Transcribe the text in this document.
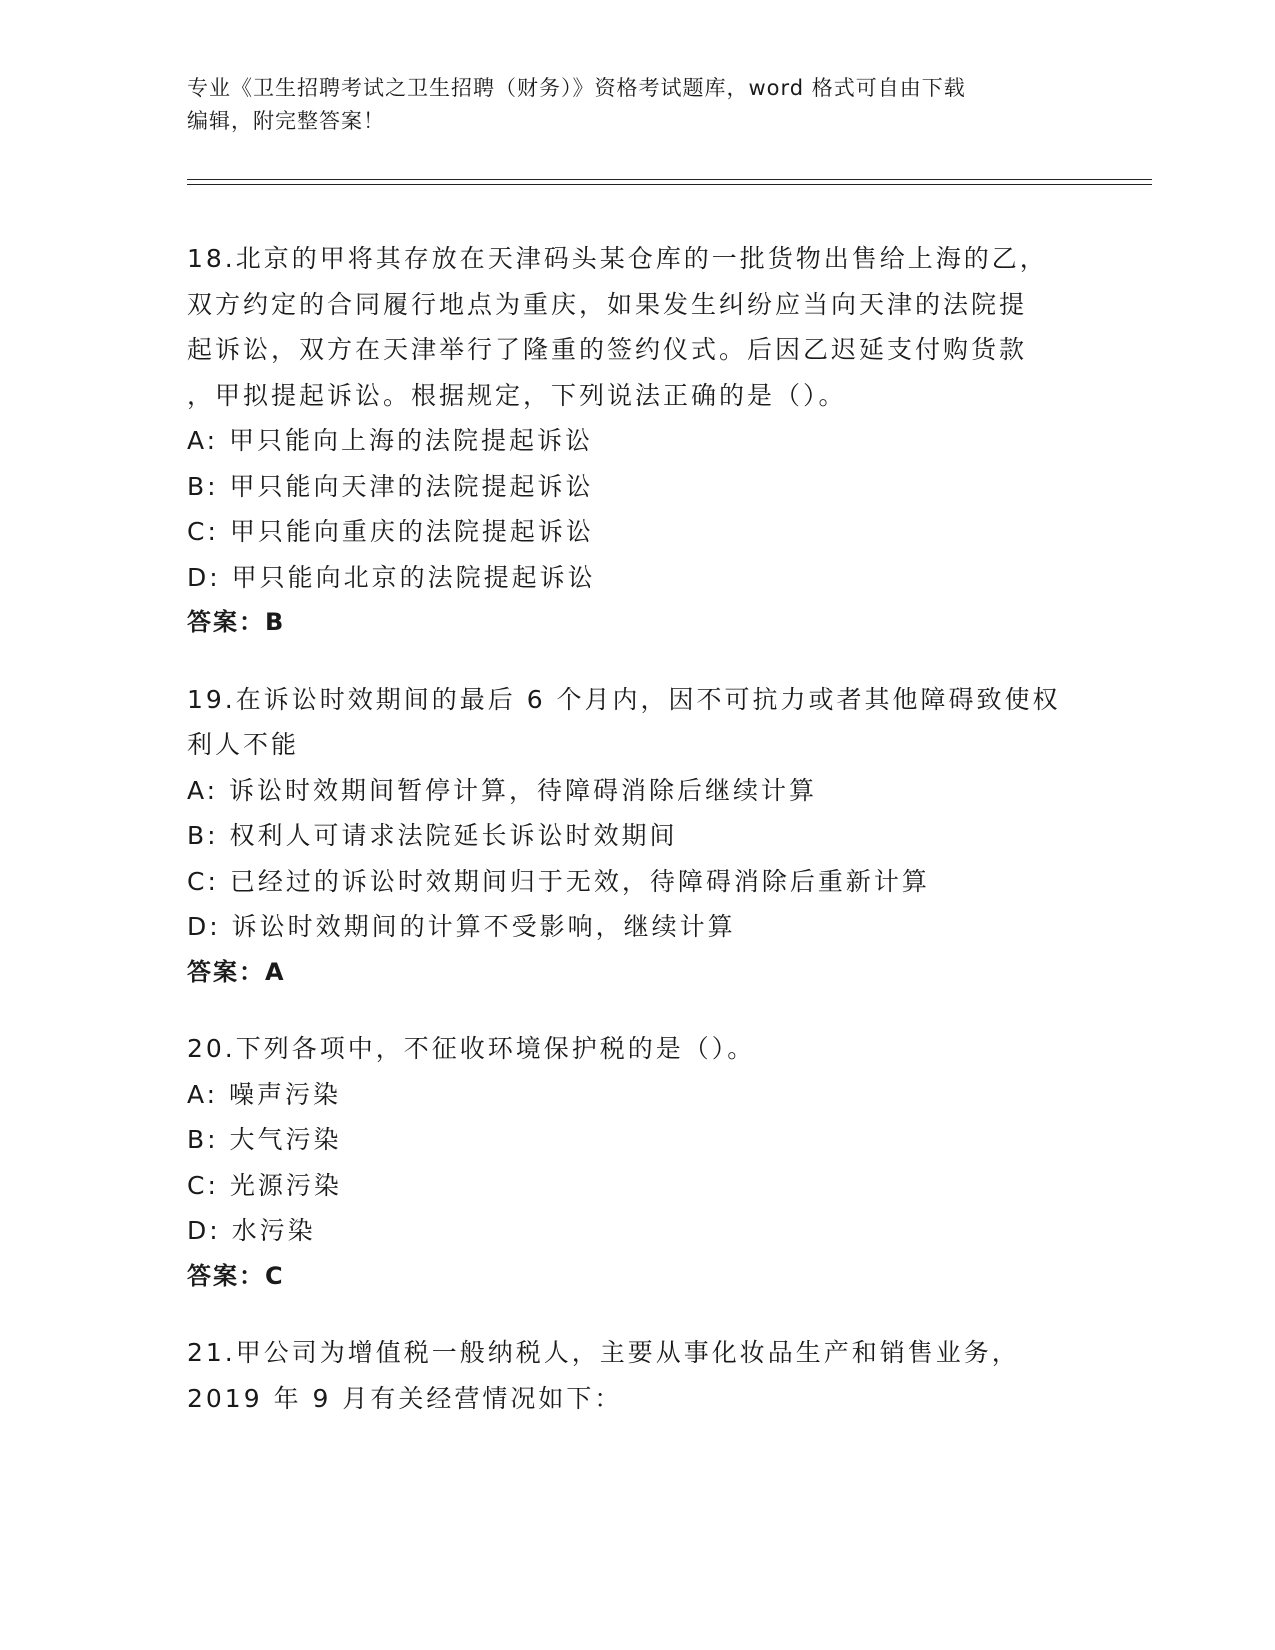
专业《卫生招聘考试之卫生招聘（财务）》资格考试题库，word 格式可自由下载
编辑，附完整答案！
18.北京的甲将其存放在天津码头某仓库的一批货物出售给上海的乙，
双方约定的合同履行地点为重庆，如果发生纠纷应当向天津的法院提
起诉讼，双方在天津举行了隆重的签约仪式。后因乙迟延支付购货款
，甲拟提起诉讼。根据规定，下列说法正确的是（）。
A: 甲只能向上海的法院提起诉讼
B: 甲只能向天津的法院提起诉讼
C: 甲只能向重庆的法院提起诉讼
D: 甲只能向北京的法院提起诉讼
答案：B
19.在诉讼时效期间的最后 6 个月内，因不可抗力或者其他障碍致使权
利人不能
A: 诉讼时效期间暂停计算，待障碍消除后继续计算
B: 权利人可请求法院延长诉讼时效期间
C: 已经过的诉讼时效期间归于无效，待障碍消除后重新计算
D: 诉讼时效期间的计算不受影响，继续计算
答案：A
20.下列各项中，不征收环境保护税的是（）。
A: 噪声污染
B: 大气污染
C: 光源污染
D: 水污染
答案：C
21.甲公司为增值税一般纳税人，主要从事化妆品生产和销售业务，
2019 年 9 月有关经营情况如下：
